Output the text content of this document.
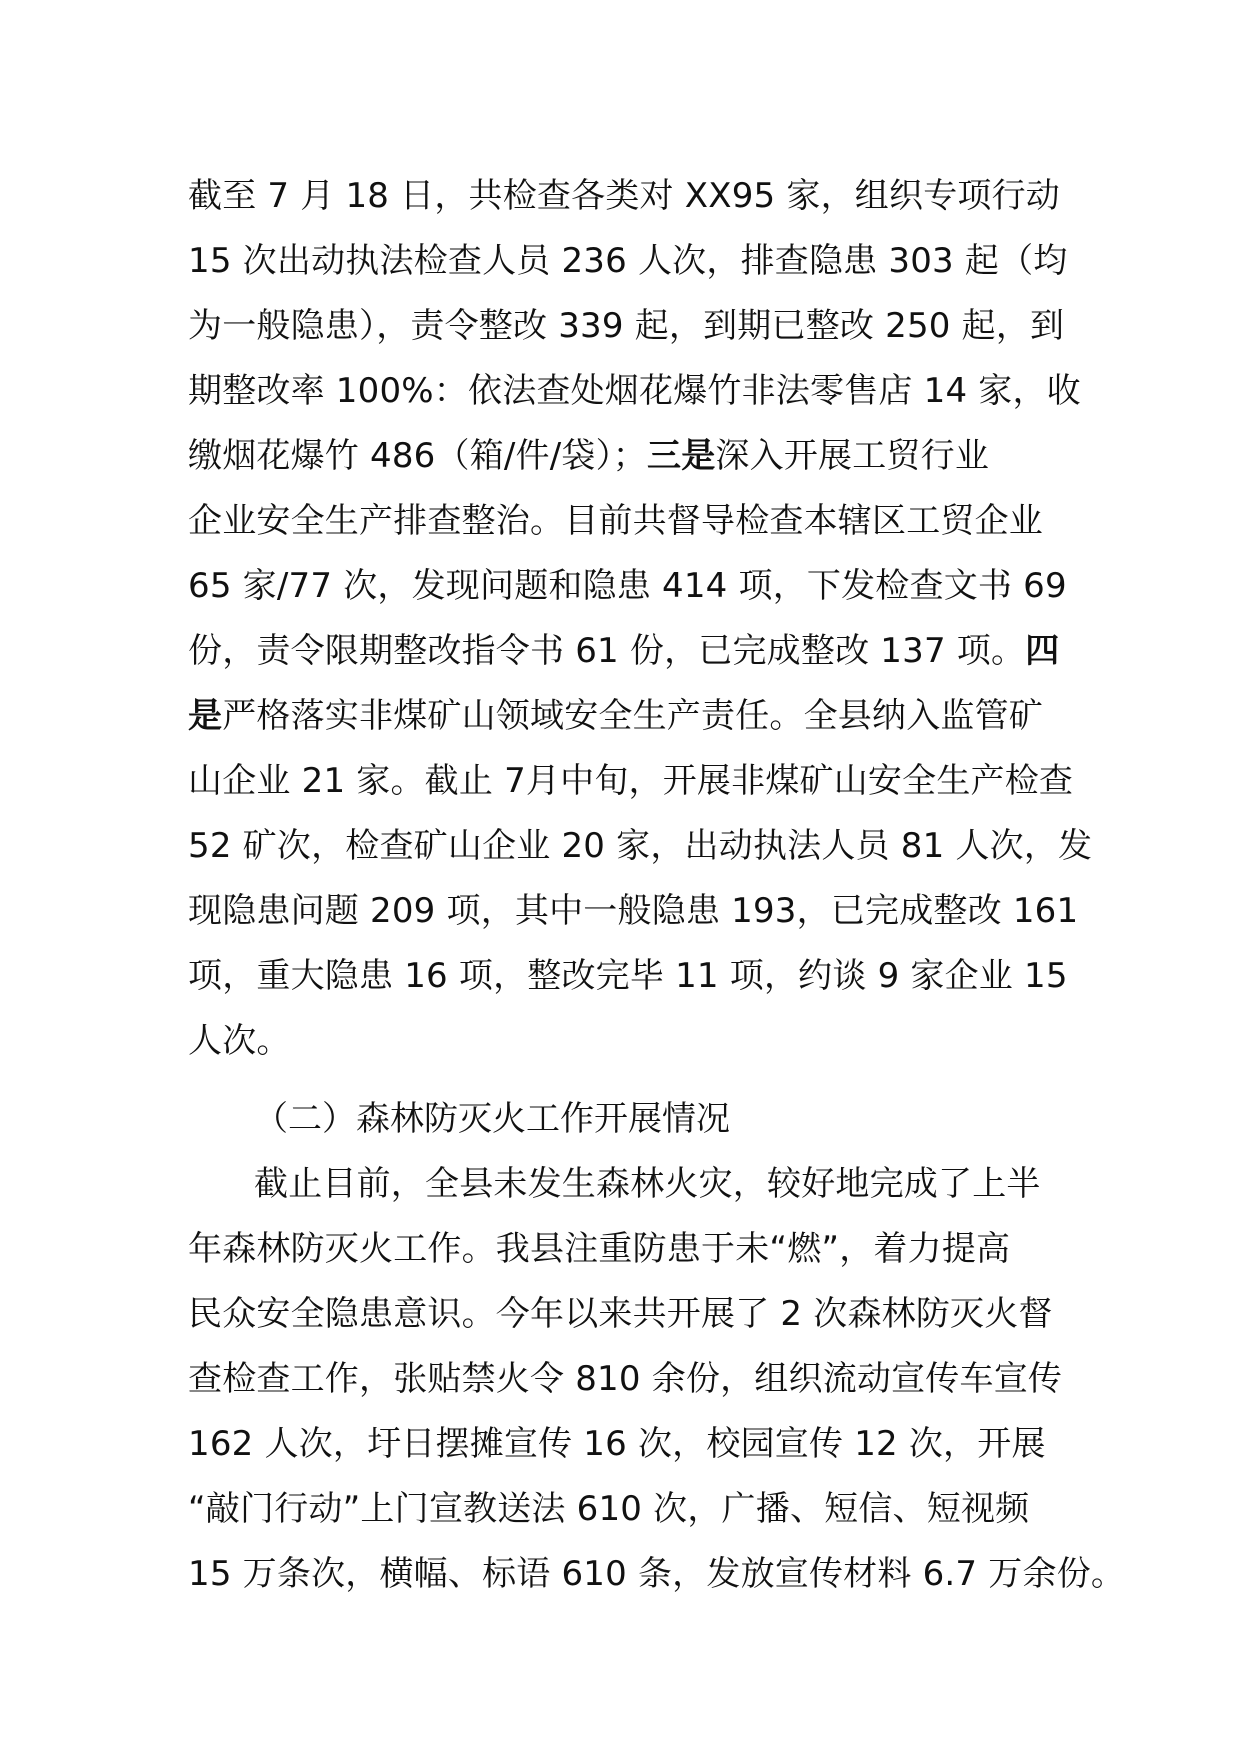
截至 7 月 18 日，共检查各类对 XX95 家，组织专项行动
15 次出动执法检查人员 236 人次，排查隐患 303 起（均
为一般隐患），责令整改 339 起，到期已整改 250 起，到
期整改率 100%：依法查处烟花爆竹非法零售店 14 家，收
缴烟花爆竹 486（箱/件/袋）；三是深入开展工贸行业
企业安全生产排查整治。目前共督导检查本辖区工贸企业
65 家/77 次，发现问题和隐患 414 项，下发检查文书 69
份，责令限期整改指令书 61 份，已完成整改 137 项。四
是严格落实非煤矿山领域安全生产责任。全县纳入监管矿
山企业 21 家。截止 7月中旬，开展非煤矿山安全生产检查
52 矿次，检查矿山企业 20 家，出动执法人员 81 人次，发
现隐患问题 209 项，其中一般隐患 193，已完成整改 161
项，重大隐患 16 项，整改完毕 11 项，约谈 9 家企业 15
人次。
（二）森林防灭火工作开展情况
截止目前，全县未发生森林火灾，较好地完成了上半
年森林防灭火工作。我县注重防患于未“燃”，着力提高
民众安全隐患意识。今年以来共开展了 2 次森林防灭火督
查检查工作，张贴禁火令 810 余份，组织流动宣传车宣传
162 人次，圩日摆摊宣传 16 次，校园宣传 12 次，开展
“敲门行动”上门宣教送法 610 次，广播、短信、短视频
15 万条次，横幅、标语 610 条，发放宣传材料 6.7 万余份。
